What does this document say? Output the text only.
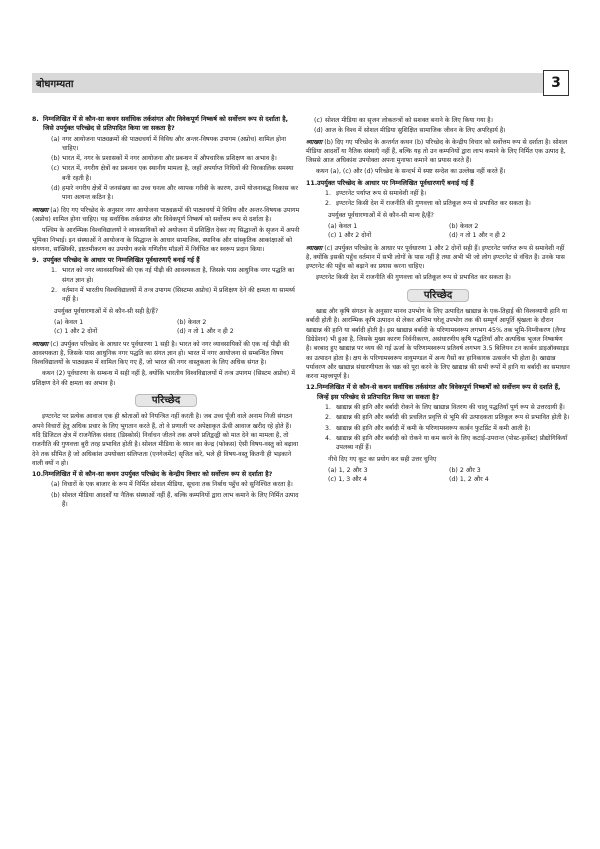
बोधगम्यता	3
8. निम्नलिखित में से कौन-सा कथन सर्वाधिक तर्कसंगत और विवेकपूर्ण निष्कर्ष को सर्वोत्तम रूप से दर्शाता है, जिसे उपर्युक्त परिच्छेद से प्रतिपादित किया जा सकता है?
(a) नगर आयोजना पाठ्यक्रमों की पाठ्यचर्या में विविध और अन्तर-विषयक उपागम (अप्रोच) शामिल होना चाहिए।
(b) भारत में, नगर के प्रशासकों में नगर आयोजना और प्रबन्धन में औपचारिक प्रशिक्षण का अभाव है।
(c) भारत में, नगरीय क्षेत्रों का प्रबन्धन एक स्थानीय मामला है, जहाँ अपर्याप्त निधियों की चिरकालिक समस्या बनी रहती है।
(d) हमारे नगरीय क्षेत्रों में जनसंख्या का उच्च घनत्व और व्यापक गरीबी के कारण, उनमें योजनाबद्ध विकास कर पाना अत्यन्त कठिन है।
व्याख्या (a) दिए गए परिच्छेद के अनुसार नगर आयोजना पाठ्यक्रमों की पाठ्यचर्या में विविध और अन्तर-विषयक उपागम (अप्रोच) शामिल होना चाहिए। यह सर्वाधिक तर्कसंगत और विवेकपूर्ण निष्कर्ष को सर्वोत्तम रूप से दर्शाता है।
पश्चिम के आरम्भिक विश्वविद्यालयों ने व्यावसायिकों को अयोजना में प्रशिक्षित देकर नए सिद्धान्तों के सृजन में अपनी भूमिका निभाई। इन संस्थाओं ने आयोजना के सिद्धान्त के आधार सामाजिक, स्थानिक और सांस्कृतिक आकांक्षाओं को संगणना, सांख्यिकी, इष्टतमीकरण का उपयोग करके गणितीय मॉडलों में निर्वचित कर स्वरूप प्रदान किया।
9. उपर्युक्त परिच्छेद के आधार पर निम्नलिखित पूर्वधारणाएँ बनाई गई हैं
1. भारत को नगर व्यावसायिकों की एक नई पीढ़ी की आवश्यकता है, जिसके पास आधुनिक नगर पद्धति का संगत ज्ञान हो।
2. वर्तमान में भारतीय विश्वविद्यालयों में तन्त्र उपागम (सिस्टम्स अप्रोच) में प्रशिक्षण देने की क्षमता या सामर्थ्य नहीं है।
उपर्युक्त पूर्वधारणाओं में से कौन-सी सही है/हैं?
(a) केवल 1	(b) केवल 2
(c) 1 और 2 दोनों	(d) न तो 1 और न ही 2
व्याख्या (c) उपर्युक्त परिच्छेद के आधार पर पूर्वधारणा 1 सही है। भारत को नगर व्यावसायिकों की एक नई पीढ़ी की आवश्यकता है, जिसके पास आधुनिक नगर पद्धति का संगत ज्ञान हो। भारत में नगर आयोजना से सम्बन्धित विषय विश्वविद्यालयों के पाठ्यक्रम में शामिल किए गए हैं, जो भारत की नगर वास्तुकला के लिए अधिक संगत है।
कथन (2) पूर्वधारणा के सम्बन्ध में सही नहीं है, क्योंकि भारतीय विश्वविद्यालयों में तन्त्र उपागम (सिस्टम अप्रोच) में प्रशिक्षण देने की क्षमता का अभाव है।
परिच्छेद
इण्टरनेट पर प्रत्येक आवाज एक ही श्रोताओं को नियन्त्रित नहीं करती है। जब उच्च पूँजी वाले अनाम निजी संगठन अपने विचारों हेतु अधिक प्रचार के लिए भुगतान करते हैं, तो वे प्रणाली पर अपेक्षाकृत ऊँची आवाज खरीद रहे होते हैं। यदि डिजिटल क्षेत्र में राजनैतिक संवाद (डिस्कोर्स) निर्वाचन जीतने तक अपने प्रतिद्वन्द्वी को मात देने का मामला है, तो राजनीति की गुणवत्ता बुरी तरह प्रभावित होती है। सोशल मीडिया के ध्यान का केन्द्र (फोकस) ऐसी विषय-वस्तु को बढ़ावा देने तक सीमित है जो अधिकांश उपयोक्ता संलिप्तता (एनगेजमेंट) सृजित करे, भले ही विषय-वस्तु कितनी ही भड़काने वाली क्यों न हो।
10. निम्नलिखित में से कौन-सा कथन उपर्युक्त परिच्छेद के केन्द्रीय विचार को सर्वोत्तम रूप से दर्शाता है?
(a) विचारों के एक बाजार के रूप में निर्मित सोशल मीडिया, सूचना तक निर्बाध पहुँच को सुनिश्चित करता है।
(b) सोशल मीडिया आदर्शों या नैतिक संस्थाओं नहीं हैं, बल्कि कम्पनियों द्वारा लाभ कमाने के लिए निर्मित उत्पाद हैं।
(c) सोशल मीडिया का सृजन लोकतन्त्रों को सशक्त बनाने के लिए किया गया है।
(d) आज के विश्व में सोशल मीडिया सुशिक्षित सामाजिक जीवन के लिए अपरिहार्य है।
व्याख्या (b) दिए गए परिच्छेद के अन्तर्गत कथन (b) परिच्छेद के केन्द्रीय विचार को सर्वोत्तम रूप से दर्शाता है। सोशल मीडिया आदर्शों या नैतिक संस्थाएँ नहीं हैं, बल्कि यह तो उन कम्पनियों द्वारा लाभ कमाने के लिए निर्मित एक उत्पाद है, जिससे आज अधिकांश उपयोक्ता अपना मुनाफा कमाने का प्रयास करते हैं।
कथन (a), (c) और (d) परिच्छेद के सन्दर्भ में स्पष्ट सन्देश का उल्लेख नहीं करते हैं।
11. उपर्युक्त परिच्छेद के आधार पर निम्नलिखित पूर्वधारणाएँ बनाई गई हैं
1. इण्टरनेट पर्याप्त रूप से समावेशी नहीं है।
2. इण्टरनेट किसी देश में राजनीति की गुणवत्ता को प्रतिकूल रूप से प्रभावित कर सकता है।
उपर्युक्त पूर्वधारणाओं में से कौन-सी मान्य है/हैं?
(a) केवल 1	(b) केवल 2
(c) 1 और 2 दोनों	(d) न तो 1 और न ही 2
व्याख्या (c) उपर्युक्त परिच्छेद के आधार पर पूर्वधारणा 1 और 2 दोनों सही हैं। इण्टरनेट पर्याप्त रूप से समावेशी नहीं है, क्योंकि इसकी पहुँच वर्तमान में सभी लोगों के पास नहीं है तथा अभी भी जो लोग इण्टरनेट से वंचित हैं। उनके पास इण्टरनेट की पहुँच को बढ़ाने का प्रयास करना चाहिए।
इण्टरनेट किसी देश में राजनीति की गुणवत्ता को प्रतिकूल रूप से प्रभावित कर सकता है।
परिच्छेद
खाद्य और कृषि संगठन के अनुसार मानव उपभोग के लिए उत्पादित खाद्यान्न के एक-तिहाई की विश्वव्यापी हानि या बर्बादी होती है। आरम्भिक कृषि उत्पादन से लेकर अन्तिम घरेलू उपभोग तक की सम्पूर्ण आपूर्ति श्रृंखला के दौरान खाद्यान्न की हानि या बर्बादी होती है। इस खाद्यान्न बर्बादी के परिणामस्वरूप लगभग 45% तक भूमि-निम्नीकरण (लैण्ड डिग्रेडेशन) भी हुआ है, जिसके मुख्य कारण निर्वनीकरण, असंधारणीय कृषि पद्धतियाँ और अत्यधिक भूजल निष्कर्षण है। बरबाद हुए खाद्यान्न पर व्यय की गई ऊर्जा के परिणामस्वरूप प्रतिवर्ष लगभग 3.5 बिलियन टन कार्बन डाइऑक्साइड का उत्पादन होता है। क्षय के परिणामस्वरूप वायुमण्डल में अन्य गैसों का हानिकारक उत्सर्जन भी होता है। खाद्यान्न पर्यावरण और खाद्यान्न संधारणीयता के चक्र को पूरा करने के लिए खाद्यान्न की सभी रूपों में हानि या बर्बादी का समाधान करना महत्त्वपूर्ण है।
12. निम्नलिखित में से कौन-से कथन सर्वाधिक तर्कसंगत और विवेकपूर्ण निष्कर्षों को सर्वोत्तम रूप से दर्शाते हैं, जिन्हें इस परिच्छेद से प्रतिपादित किया जा सकता है?
1. खाद्यान्न की हानि और बर्बादी रोकने के लिए खाद्यान्न वितरण की चालू पद्धतियाँ पूर्ण रूप से उत्तरदायी हैं।
2. खाद्यान्न की हानि और बर्बादी की प्रचलित प्रवृत्ति से भूमि की उत्पादकता प्रतिकूल रूप से प्रभावित होती है।
3. खाद्यान्न की हानि और बर्बादी में कमी के परिणामस्वरूप कार्बन फुटप्रिंट में कमी आती है।
4. खाद्यान्न की हानि और बर्बादी को रोकने या कम करने के लिए कटाई-उपरान्त (पोस्ट-हार्वेस्ट) प्रौद्योगिकियाँ उपलब्ध नहीं हैं।
नीचे दिए गए कूट का प्रयोग कर सही उत्तर चुनिए
(a) 1, 2 और 3	(b) 2 और 3
(c) 1, 3 और 4	(d) 1, 2 और 4
